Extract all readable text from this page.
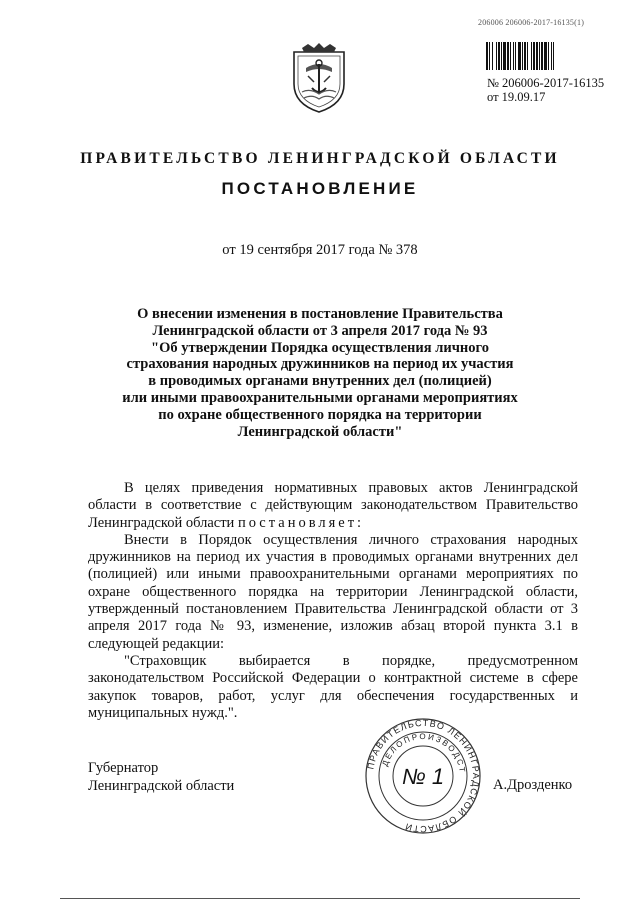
206006 206006-2017-16135(1)
№ 206006-2017-16135
от 19.09.17
ПРАВИТЕЛЬСТВО ЛЕНИНГРАДСКОЙ ОБЛАСТИ
ПОСТАНОВЛЕНИЕ
от 19 сентября 2017 года № 378
О внесении изменения в постановление Правительства
Ленинградской области от 3 апреля 2017 года № 93
"Об утверждении Порядка осуществления личного
страхования народных дружинников на период их участия
в проводимых органами внутренних дел (полицией)
или иными правоохранительными органами мероприятиях
по охране общественного порядка на территории
Ленинградской области"

В целях приведения нормативных правовых актов Ленинградской области в соответствие с действующим законодательством Правительство Ленинградской области постановляет:

Внести в Порядок осуществления личного страхования народных дружинников на период их участия в проводимых органами внутренних дел (полицией) или иными правоохранительными органами мероприятиях по охране общественного порядка на территории Ленинградской области, утвержденный постановлением Правительства Ленинградской области от 3 апреля 2017 года № 93, изменение, изложив абзац второй пункта 3.1 в следующей редакции:

"Страховщик выбирается в порядке, предусмотренном законодательством Российской Федерации о контрактной системе в сфере закупок товаров, работ, услуг для обеспечения государственных и муниципальных нужд.".

Губернатор
Ленинградской области	А.Дрозденко
ПРАВИТЕЛЬСТВО ЛЕНИНГРАДСКОЙ ОБЛАСТИ
ДЕЛОПРОИЗВОДСТ
№ 1
